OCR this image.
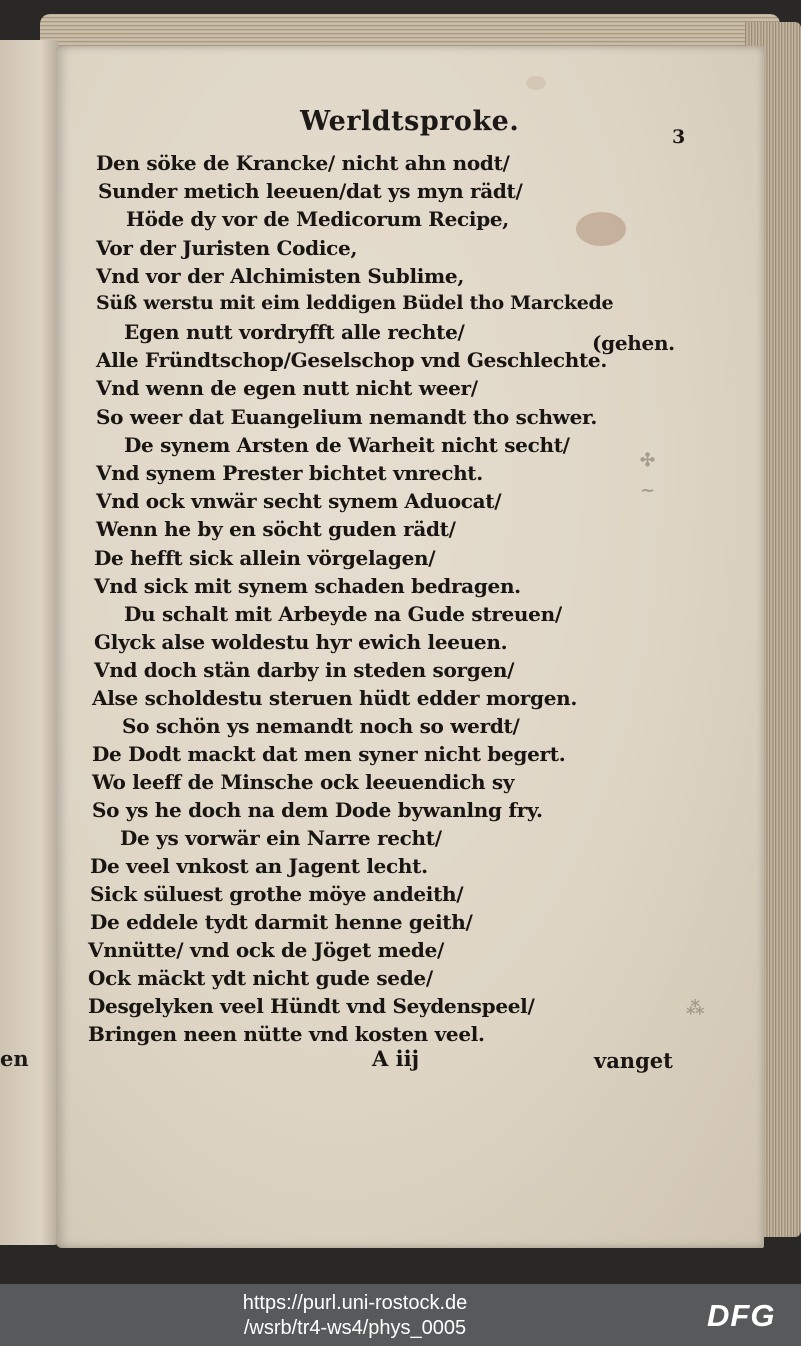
en
✣
~
⁂
Werldtsproke.	3
Den söke de Krancke/ nicht ahn nodt/
Sunder metich leeuen/dat ys myn rädt/
Höde dy vor de Medicorum Recipe,
Vor der Juristen Codice,
Vnd vor der Alchimisten Sublime,
Süß werstu mit eim leddigen Büdel tho Marckede
Egen nutt vordryfft alle rechte/	(gehen.
Alle Fründtschop/Geselschop vnd Geschlechte.
Vnd wenn de egen nutt nicht weer/
So weer dat Euangelium nemandt tho schwer.
De synem Arsten de Warheit nicht secht/
Vnd synem Prester bichtet vnrecht.
Vnd ock vnwär secht synem Aduocat/
Wenn he by en söcht guden rädt/
De hefft sick allein vörgelagen/
Vnd sick mit synem schaden bedragen.
Du schalt mit Arbeyde na Gude streuen/
Glyck alse woldestu hyr ewich leeuen.
Vnd doch stän darby in steden sorgen/
Alse scholdestu steruen hüdt edder morgen.
So schön ys nemandt noch so werdt/
De Dodt mackt dat men syner nicht begert.
Wo leeff de Minsche ock leeuendich sy
So ys he doch na dem Dode bywanlng fry.
De ys vorwär ein Narre recht/
De veel vnkost an Jagent lecht.
Sick süluest grothe möye andeith/
De eddele tydt darmit henne geith/
Vnnütte/ vnd ock de Jöget mede/
Ock mäckt ydt nicht gude sede/
Desgelyken veel Hündt vnd Seydenspeel/
Bringen neen nütte vnd kosten veel.
A iij	vanget
https://purl.uni-rostock.de
/wsrb/tr4-ws4/phys_0005	DFG
